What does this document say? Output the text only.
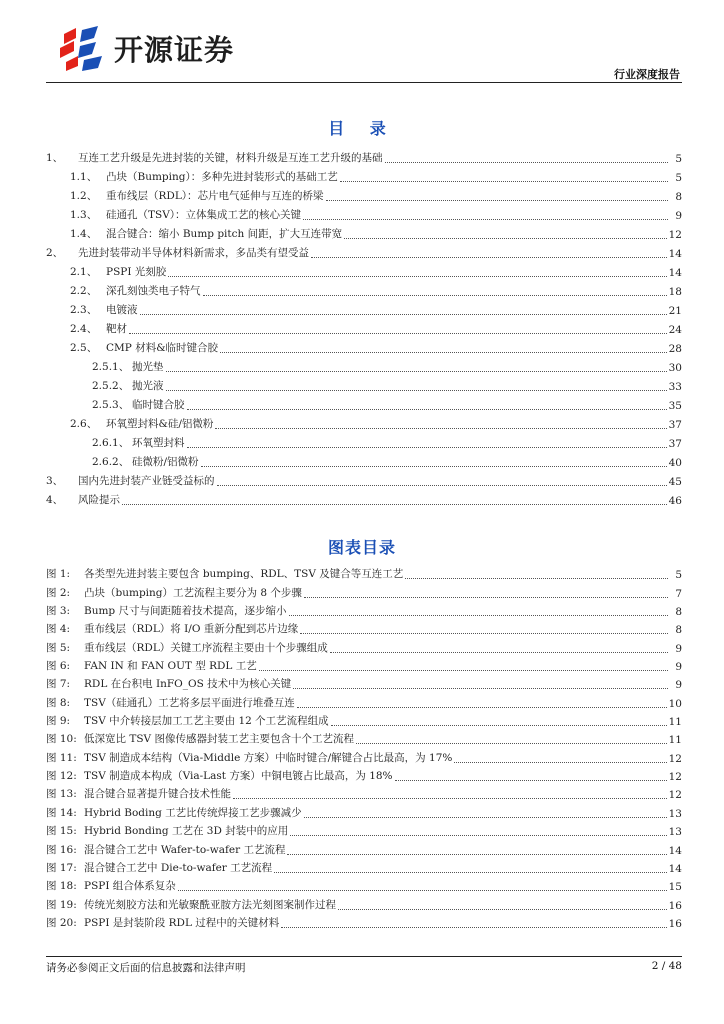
开源证券
行业深度报告
目 录
1、	互连工艺升级是先进封装的关键，材料升级是互连工艺升级的基础	5
1.1、 凸块（Bumping）：多种先进封装形式的基础工艺	5
1.2、 重布线层（RDL）：芯片电气延伸与互连的桥梁	8
1.3、 硅通孔（TSV）：立体集成工艺的核心关键	9
1.4、 混合键合：缩小 Bump pitch 间距，扩大互连带宽	12
2、	先进封装带动半导体材料新需求，多品类有望受益	14
2.1、 PSPI 光刻胶	14
2.2、 深孔刻蚀类电子特气	18
2.3、 电镀液	21
2.4、 靶材	24
2.5、 CMP 材料&临时键合胶	28
2.5.1、 抛光垫	30
2.5.2、 抛光液	33
2.5.3、 临时键合胶	35
2.6、 环氧塑封料&硅/铝微粉	37
2.6.1、 环氧塑封料	37
2.6.2、 硅微粉/铝微粉	40
3、	国内先进封装产业链受益标的	45
4、	风险提示	46
图表目录
图 1:	各类型先进封装主要包含 bumping、RDL、TSV 及键合等互连工艺	5
图 2:	凸块（bumping）工艺流程主要分为 8 个步骤	7
图 3:	Bump 尺寸与间距随着技术提高，逐步缩小	8
图 4:	重布线层（RDL）将 I/O 重新分配到芯片边缘	8
图 5:	重布线层（RDL）关键工序流程主要由十个步骤组成	9
图 6:	FAN IN 和 FAN OUT 型 RDL 工艺	9
图 7:	RDL 在台积电 InFO_OS 技术中为核心关键	9
图 8:	TSV（硅通孔）工艺将多层平面进行堆叠互连	10
图 9:	TSV 中介转接层加工工艺主要由 12 个工艺流程组成	11
图 10: 低深宽比 TSV 图像传感器封装工艺主要包含十个工艺流程	11
图 11: TSV 制造成本结构（Via-Middle 方案）中临时键合/解键合占比最高，为 17%	12
图 12: TSV 制造成本构成（Via-Last 方案）中铜电镀占比最高，为 18%	12
图 13: 混合键合显著提升键合技术性能	12
图 14: Hybrid Boding 工艺比传统焊接工艺步骤减少	13
图 15: Hybrid Bonding 工艺在 3D 封装中的应用	13
图 16: 混合键合工艺中 Wafer-to-wafer 工艺流程	14
图 17: 混合键合工艺中 Die-to-wafer 工艺流程	14
图 18: PSPI 组合体系复杂	15
图 19: 传统光刻胶方法和光敏聚酰亚胺方法光刻图案制作过程	16
图 20: PSPI 是封装阶段 RDL 过程中的关键材料	16
请务必参阅正文后面的信息披露和法律声明	2 / 48
